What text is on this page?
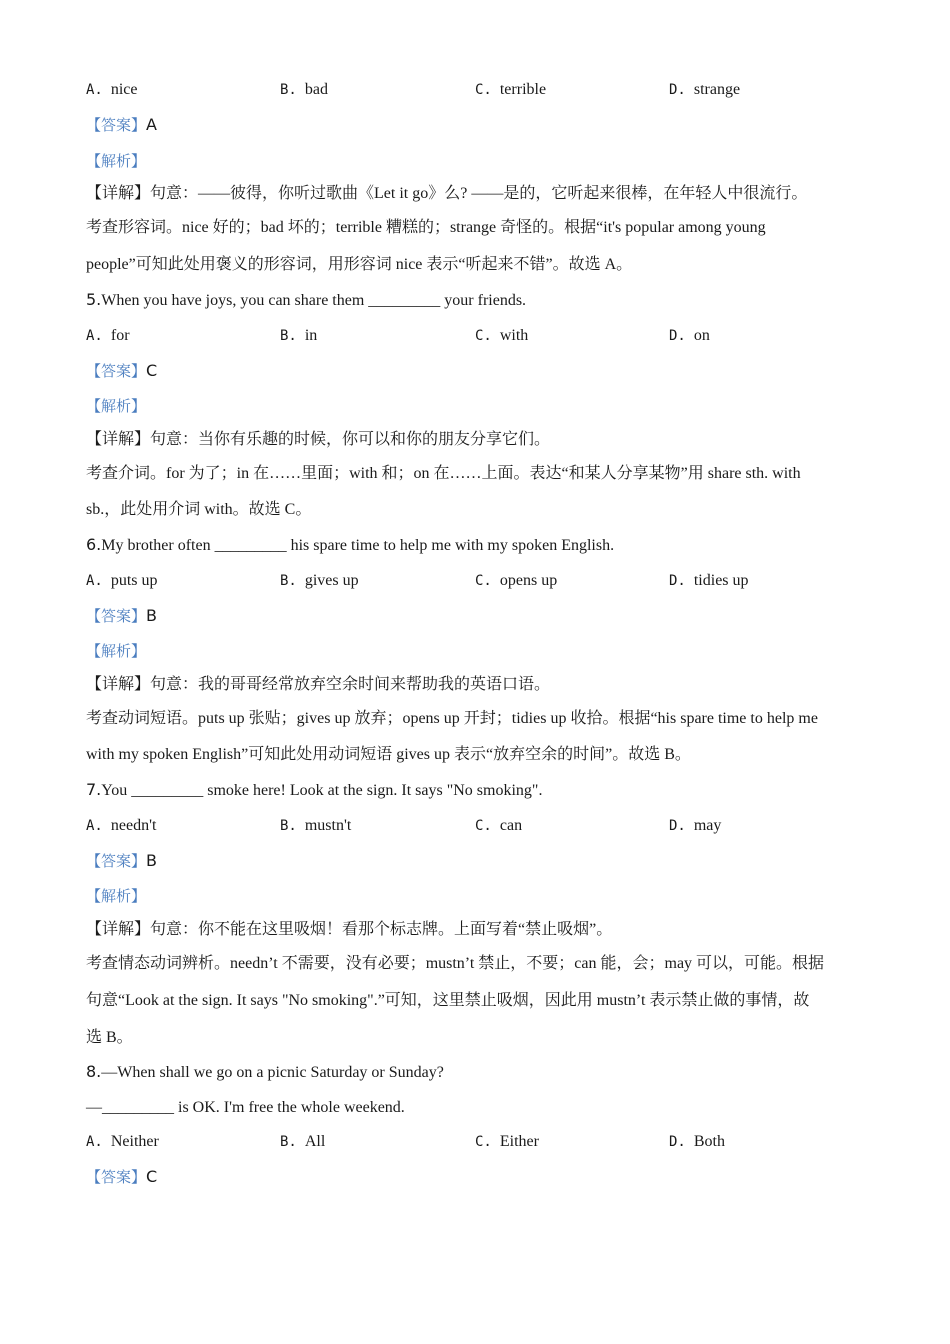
A. nice	B. bad	C. terrible	D. strange
【答案】A
【解析】
【详解】句意：——彼得，你听过歌曲《Let it go》么? ——是的，它听起来很棒，在年轻人中很流行。
考查形容词。nice 好的；bad 坏的；terrible 糟糕的；strange 奇怪的。根据“it's popular among young
people”可知此处用褒义的形容词，用形容词 nice 表示“听起来不错”。故选 A。
5.When you have joys, you can share them _________ your friends.
A. for	B. in	C. with	D. on
【答案】C
【解析】
【详解】句意：当你有乐趣的时候，你可以和你的朋友分享它们。
考查介词。for 为了；in 在……里面；with 和；on 在……上面。表达“和某人分享某物”用 share sth. with
sb.，此处用介词 with。故选 C。
6.My brother often _________ his spare time to help me with my spoken English.
A. puts up	B. gives up	C. opens up	D. tidies up
【答案】B
【解析】
【详解】句意：我的哥哥经常放弃空余时间来帮助我的英语口语。
考查动词短语。puts up 张贴；gives up 放弃；opens up 开封；tidies up 收拾。根据“his spare time to help me
with my spoken English”可知此处用动词短语 gives up 表示“放弃空余的时间”。故选 B。
7.You _________ smoke here! Look at the sign. It says "No smoking".
A. needn't	B. mustn't	C. can	D. may
【答案】B
【解析】
【详解】句意：你不能在这里吸烟！看那个标志牌。上面写着“禁止吸烟”。
考查情态动词辨析。needn’t 不需要，没有必要；mustn’t 禁止，不要；can 能，会；may 可以，可能。根据
句意“Look at the sign. It says "No smoking".”可知，这里禁止吸烟，因此用 mustn’t 表示禁止做的事情，故
选 B。
8.—When shall we go on a picnic Saturday or Sunday?
—_________ is OK. I'm free the whole weekend.
A. Neither	B. All	C. Either	D. Both
【答案】C
